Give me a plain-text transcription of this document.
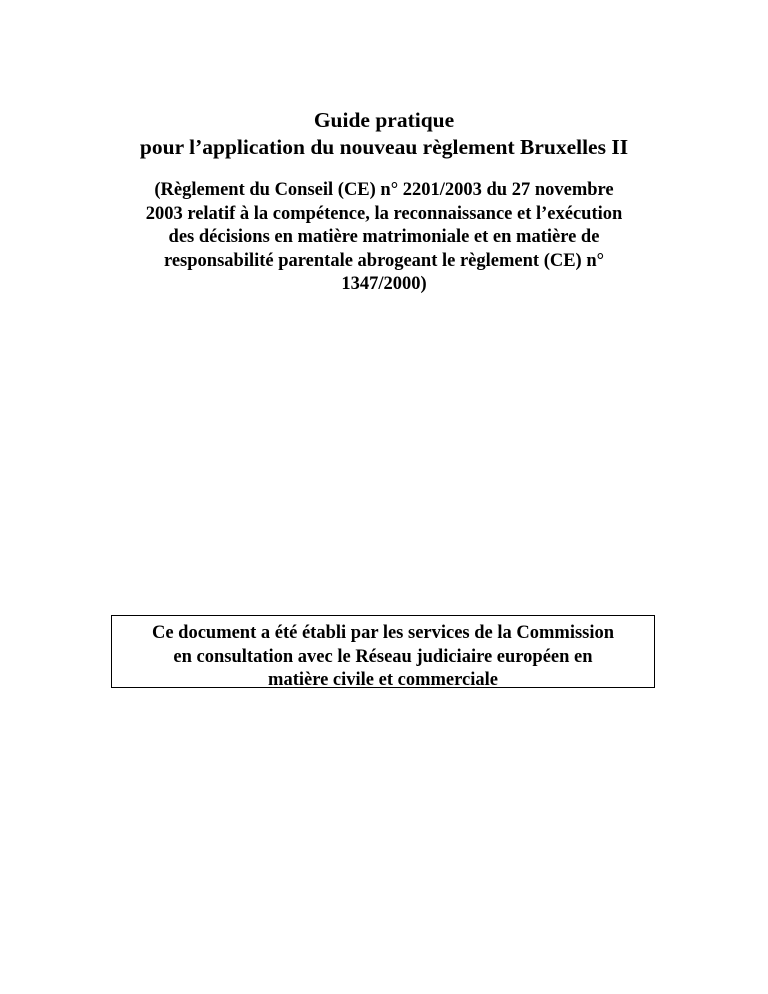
Guide pratique
pour l’application du nouveau règlement Bruxelles II
(Règlement du Conseil (CE) n° 2201/2003 du 27 novembre
2003 relatif à la compétence, la reconnaissance et l’exécution
des décisions en matière matrimoniale et en matière de
responsabilité parentale abrogeant le règlement (CE) n°
1347/2000)
Ce document a été établi par les services de la Commission
en consultation avec le Réseau judiciaire européen en
matière civile et commerciale
